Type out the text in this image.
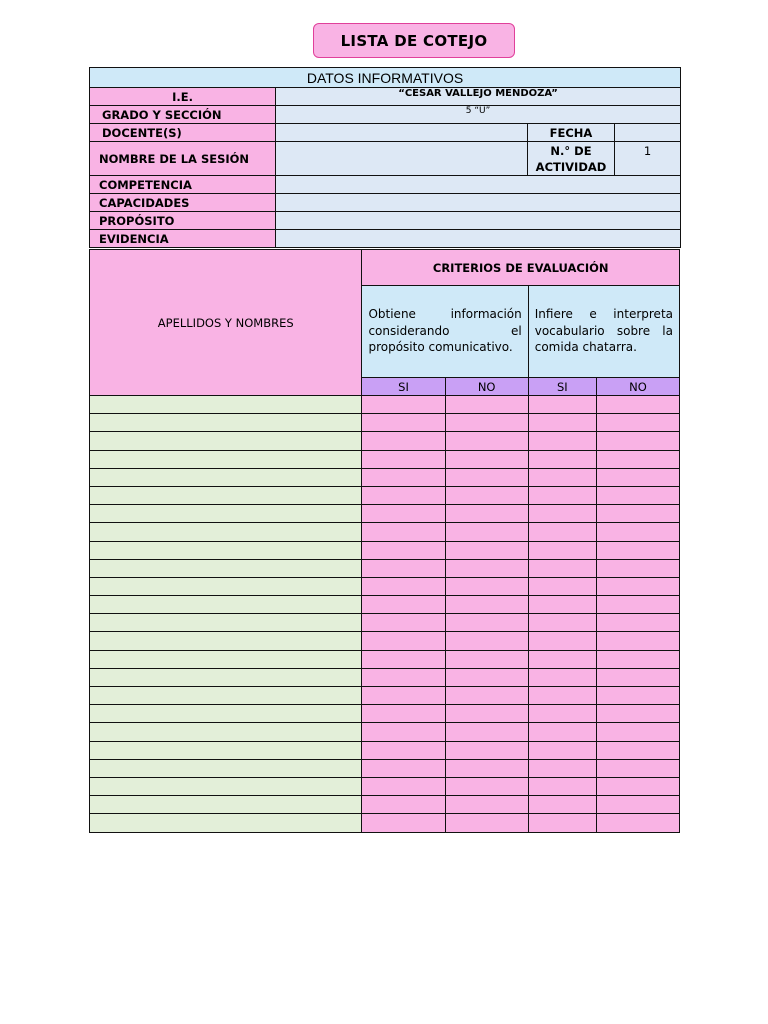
LISTA DE COTEJO
DATOS INFORMATIVOS			
I.E.	“CESAR VALLEJO MENDOZA”		
GRADO Y SECCIÓN	5 “U”		
DOCENTE(S)		FECHA	
NOMBRE DE LA SESIÓN		N.° DE ACTIVIDAD	1
COMPETENCIA			
CAPACIDADES			
PROPÓSITO			
EVIDENCIA			
APELLIDOS Y NOMBRES	CRITERIOS DE EVALUACIÓN			
	Obtiene información considerando el propósito comunicativo.		Infiere e interpreta vocabulario sobre la comida chatarra.	
	SI	NO	SI	NO
